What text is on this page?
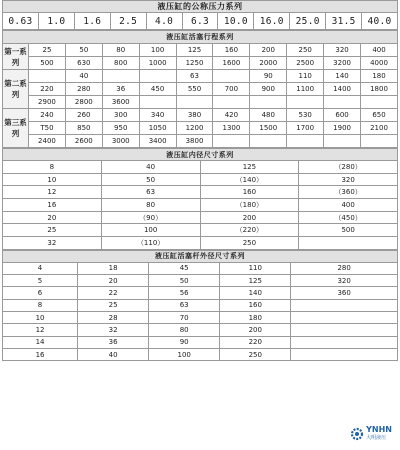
液压缸的公称压力系列
0.63	1.0	1.6	2.5	4.0	6.3	10.0	16.0	25.0	31.5	40.0
液压缸活塞行程系列										
第一系列	25	50	80	100	125	160	200	250	320	400
	500	630	800	1000	1250	1600	2000	2500	3200	4000
第二系列		40			63		90	110	140	180
	220	280	36	450	550	700	900	1100	1400	1800
	2900	2800	3600							
第三系列	240	260	300	340	380	420	480	530	600	650
	T50	850	950	1050	1200	1300	1500	1700	1900	2100
	2400	2600	3000	3400	3800					
液压缸内径尺寸系列			
8	40	125	（280）
10	50	（140）	320
12	63	160	（360）
16	80	（180）	400
20	（90）	200	（450）
25	100	（220）	500
32	（110）	250	
液压缸活塞杆外径尺寸系列				
4	18	45	110	280
5	20	50	125	320
6	22	56	140	360
8	25	63	160	
10	28	70	180	
12	32	80	200	
14	36	90	220	
16	40	100	250	
YNHN
大明液压
